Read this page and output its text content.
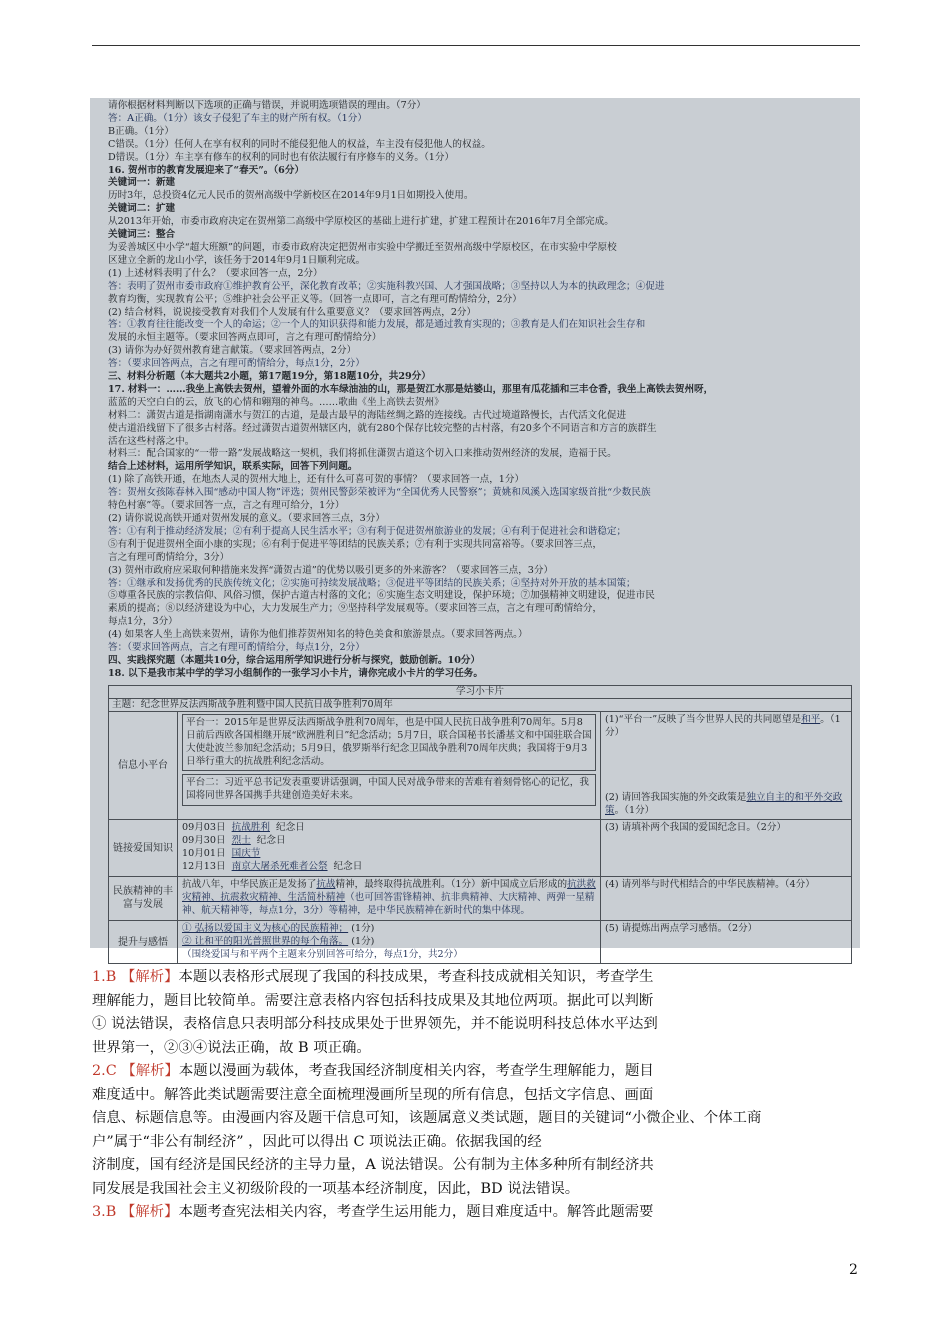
请你根据材料判断以下选项的正确与错误，并说明选项错误的理由。（7分）
答：A正确。（1分）该女子侵犯了车主的财产所有权。（1分）
B正确。（1分）
C错误。（1分）任何人在享有权利的同时不能侵犯他人的权益，车主没有侵犯他人的权益。
D错误。（1分）车主享有修车的权利的同时也有依法履行有序修车的义务。（1分）
16. 贺州市的教育发展迎来了“春天”。（6分）
关键词一：新建
历时3年，总投资4亿元人民币的贺州高级中学新校区在2014年9月1日如期投入使用。
关键词二：扩建
从2013年开始，市委市政府决定在贺州第二高级中学原校区的基础上进行扩建，扩建工程预计在2016年7月全部完成。
关键词三：整合
为妥善城区中小学“超大班额”的问题，市委市政府决定把贺州市实验中学搬迁至贺州高级中学原校区，在市实验中学原校
区建立全新的龙山小学，该任务于2014年9月1日顺利完成。
(1) 上述材料表明了什么？（要求回答一点，2分）
答：表明了贺州市委市政府①维护教育公平，深化教育改革；②实施科教兴国、人才强国战略；③坚持以人为本的执政理念；④促进
教育均衡，实现教育公平；⑤维护社会公平正义等。（回答一点即可，言之有理可酌情给分，2分）
(2) 结合材料，说说接受教育对我们个人发展有什么重要意义？（要求回答两点，2分）
答：①教育往往能改变一个人的命运；②一个人的知识获得和能力发展，都是通过教育实现的；③教育是人们在知识社会生存和
发展的永恒主题等。（要求回答两点即可，言之有理可酌情给分）
(3) 请你为办好贺州教育建言献策。（要求回答两点，2分）
答：（要求回答两点，言之有理可酌情给分，每点1分，2分）
三、材料分析题（本大题共2小题，第17题19分，第18题10分，共29分）
17. 材料一：……我坐上高铁去贺州，望着外面的水车绿油油的山，那是贺江水那是姑婆山，那里有瓜花插和三丰仓香，我坐上高铁去贺州呀，
蓝蓝的天空白白的云，放飞的心情和翱翔的神鸟。……歌曲《坐上高铁去贺州》
材料二：潇贺古道是指湖南潇水与贺江的古道，是最古最早的海陆丝绸之路的连接线。古代过境道路慢长，古代活文化促进
使古道沿线留下了很多古村落。经过潇贺古道贺州辖区内，就有280个保存比较完整的古村落，有20多个不同语言和方言的族群生
活在这些村落之中。
材料三：配合国家的“一带一路”发展战略这一契机，我们将抓住潇贺古道这个切入口来推动贺州经济的发展，造福于民。
结合上述材料，运用所学知识，联系实际，回答下列问题。
(1) 除了高铁开通，在地杰人灵的贺州大地上，还有什么可喜可贺的事情？（要求回答一点，1分）
答：贺州女孩陈春林入围“感动中国人物”评选；贺州民警彭荣被评为“全国优秀人民警察”；黄姚和凤溪入选国家级首批“少数民族
特色村寨”等。（要求回答一点，言之有理可给分，1分）
(2) 请你说说高铁开通对贺州发展的意义。（要求回答三点，3分）
答：①有利于推动经济发展；②有利于提高人民生活水平；③有利于促进贺州旅游业的发展；④有利于促进社会和谐稳定；
⑤有利于促进贺州全面小康的实现；⑥有利于促进平等团结的民族关系；⑦有利于实现共同富裕等。（要求回答三点，
言之有理可酌情给分，3分）
(3) 贺州市政府应采取何种措施来发挥“潇贺古道”的优势以吸引更多的外来游客？（要求回答三点，3分）
答：①继承和发扬优秀的民族传统文化；②实施可持续发展战略；③促进平等团结的民族关系；④坚持对外开放的基本国策；
⑤尊重各民族的宗教信仰、风俗习惯，保护古道古村落的文化；⑥实施生态文明建设，保护环境；⑦加强精神文明建设，促进市民
素质的提高；⑧以经济建设为中心，大力发展生产力；⑨坚持科学发展观等。（要求回答三点，言之有理可酌情给分，
每点1分，3分）
(4) 如果客人坐上高铁来贺州，请你为他们推荐贺州知名的特色美食和旅游景点。（要求回答两点。）
答：（要求回答两点，言之有理可酌情给分，每点1分，2分）
四、实践探究题（本题共10分，综合运用所学知识进行分析与探究，鼓励创新。10分）
18. 以下是我市某中学的学习小组制作的一张学习小卡片，请你完成小卡片的学习任务。
学习小卡片
主题：纪念世界反法西斯战争胜利暨中国人民抗日战争胜利70周年
信息小平台
平台一：2015年是世界反法西斯战争胜利70周年，也是中国人民抗日战争胜利70周年。5月8日前后西欧各国相继开展“欧洲胜利日”纪念活动；5月7日，联合国秘书长潘基文和中国驻联合国大使赴波兰参加纪念活动；5月9日，俄罗斯举行纪念卫国战争胜利70周年庆典；我国将于9月3日举行重大的抗战胜利纪念活动。
平台二：习近平总书记发表重要讲话强调，中国人民对战争带来的苦难有着刻骨铭心的记忆，我国将同世界各国携手共建创造美好未来。
(1)“平台一”反映了当今世界人民的共同愿望是和平。（1分）
(2) 请回答我国实施的外交政策是独立自主的和平外交政策。（1分）
链接爱国知识
09月03日 抗战胜利 纪念日
09月30日 烈士 纪念日
10月01日 国庆节
12月13日 南京大屠杀死难者公祭 纪念日
(3) 请填补两个我国的爱国纪念日。（2分）
民族精神的丰富与发展
抗战八年，中华民族正是发扬了抗战精神，最终取得抗战胜利。（1分）新中国成立后形成的抗洪救灾精神、抗震救灾精神、生活简朴精神（也可回答雷锋精神、抗非典精神、大庆精神、两弹一星精神、航天精神等，每点1分，3分）等精神，是中华民族精神在新时代的集中体现。
(4) 请列举与时代相结合的中华民族精神。（4分）
提升与感悟
① 弘扬以爱国主义为核心的民族精神； (1分)
② 让和平的阳光普照世界的每个角落。 (1分)
（围绕爱国与和平两个主题来分别回答可给分，每点1分，共2分）
(5) 请提炼出两点学习感悟。（2分）
1.B 【解析】本题以表格形式展现了我国的科技成果，考查科技成就相关知识，考查学生
理解能力，题目比较简单。需要注意表格内容包括科技成果及其地位两项。据此可以判断
① 说法错误，表格信息只表明部分科技成果处于世界领先，并不能说明科技总体水平达到
世界第一，②③④说法正确，故 B 项正确。
2.C 【解析】本题以漫画为载体，考查我国经济制度相关内容，考查学生理解能力，题目
难度适中。解答此类试题需要注意全面梳理漫画所呈现的所有信息，包括文字信息、画面
信息、标题信息等。由漫画内容及题干信息可知，该题属意义类试题，题目的关键词“小微企业、个体工商
户”属于“非公有制经济” ，因此可以得出 C 项说法正确。依据我国的经
济制度，国有经济是国民经济的主导力量，A 说法错误。公有制为主体多种所有制经济共
同发展是我国社会主义初级阶段的一项基本经济制度，因此，BD 说法错误。
3.B 【解析】本题考查宪法相关内容，考查学生运用能力，题目难度适中。解答此题需要
2
